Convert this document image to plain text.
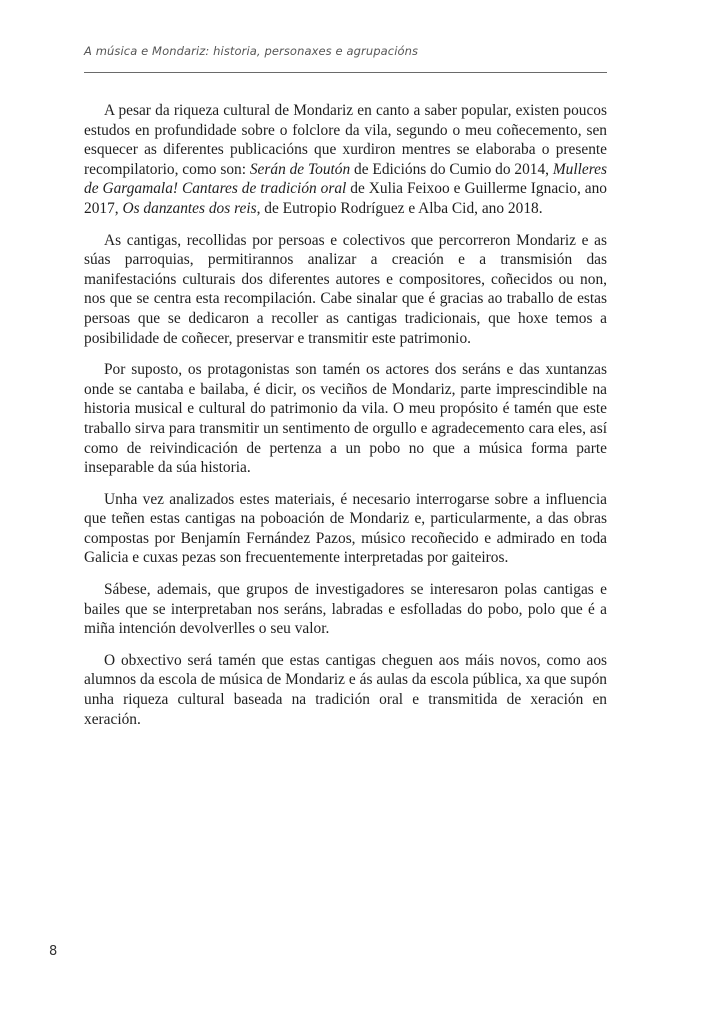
A música e Mondariz: historia, personaxes e agrupacións

A pesar da riqueza cultural de Mondariz en canto a saber popular, existen poucos estudos en profundidade sobre o folclore da vila, segundo o meu coñecemento, sen esquecer as diferentes publicacións que xurdiron mentres se elaboraba o presente recompilatorio, como son: Serán de Toutón de Edicións do Cumio do 2014, Mulleres de Gargamala! Cantares de tradición oral de Xulia Feixoo e Guillerme Ignacio, ano 2017, Os danzantes dos reis, de Eutropio Rodríguez e Alba Cid, ano 2018.

As cantigas, recollidas por persoas e colectivos que percorreron Mondariz e as súas parroquias, permitirannos analizar a creación e a transmisión das manifestacións culturais dos diferentes autores e compositores, coñecidos ou non, nos que se centra esta recompilación. Cabe sinalar que é gracias ao traballo de estas persoas que se dedicaron a recoller as cantigas tradicionais, que hoxe temos a posibilidade de coñecer, preservar e transmitir este patrimonio.

Por suposto, os protagonistas son tamén os actores dos seráns e das xuntanzas onde se cantaba e bailaba, é dicir, os veciños de Mondariz, parte imprescindible na historia musical e cultural do patrimonio da vila. O meu propósito é tamén que este traballo sirva para transmitir un sentimento de orgullo e agradecemento cara eles, así como de reivindicación de pertenza a un pobo no que a música forma parte inseparable da súa historia.

Unha vez analizados estes materiais, é necesario interrogarse sobre a influencia que teñen estas cantigas na poboación de Mondariz e, particularmente, a das obras compostas por Benjamín Fernández Pazos, músico recoñecido e admirado en toda Galicia e cuxas pezas son frecuentemente interpretadas por gaiteiros.

Sábese, ademais, que grupos de investigadores se interesaron polas cantigas e bailes que se interpretaban nos seráns, labradas e esfolladas do pobo, polo que é a miña intención devolverlles o seu valor.

O obxectivo será tamén que estas cantigas cheguen aos máis novos, como aos alumnos da escola de música de Mondariz e ás aulas da escola pública, xa que supón unha riqueza cultural baseada na tradición oral e transmitida de xeración en xeración.

8
